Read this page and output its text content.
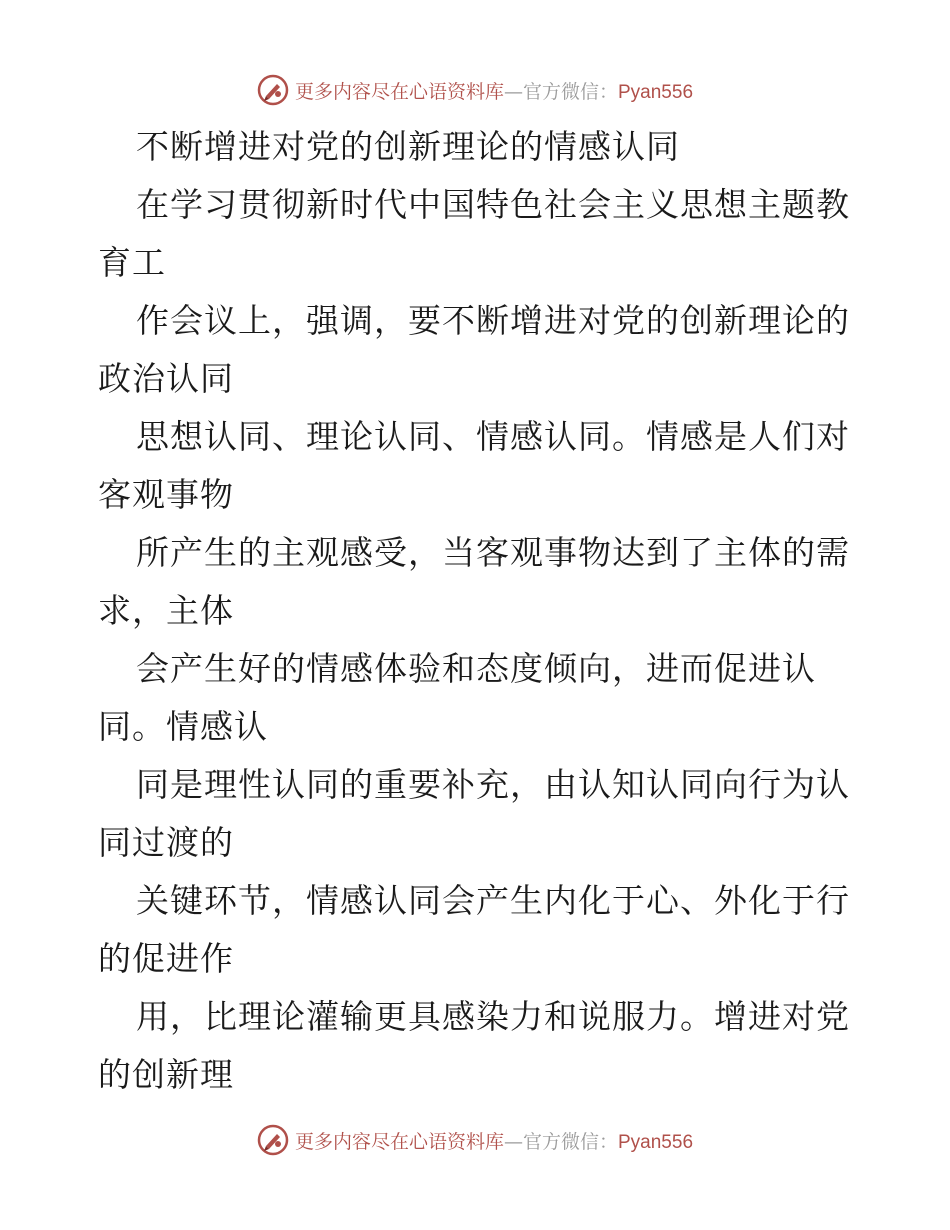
更多内容尽在心语资料库—官方微信：Pyan556
不断增进对党的创新理论的情感认同
在学习贯彻新时代中国特色社会主义思想主题教
育工
作会议上，强调，要不断增进对党的创新理论的
政治认同
思想认同、理论认同、情感认同。情感是人们对
客观事物
所产生的主观感受，当客观事物达到了主体的需
求，主体
会产生好的情感体验和态度倾向，进而促进认
同。情感认
同是理性认同的重要补充，由认知认同向行为认
同过渡的
关键环节，情感认同会产生内化于心、外化于行
的促进作
用，比理论灌输更具感染力和说服力。增进对党
的创新理
更多内容尽在心语资料库—官方微信：Pyan556
